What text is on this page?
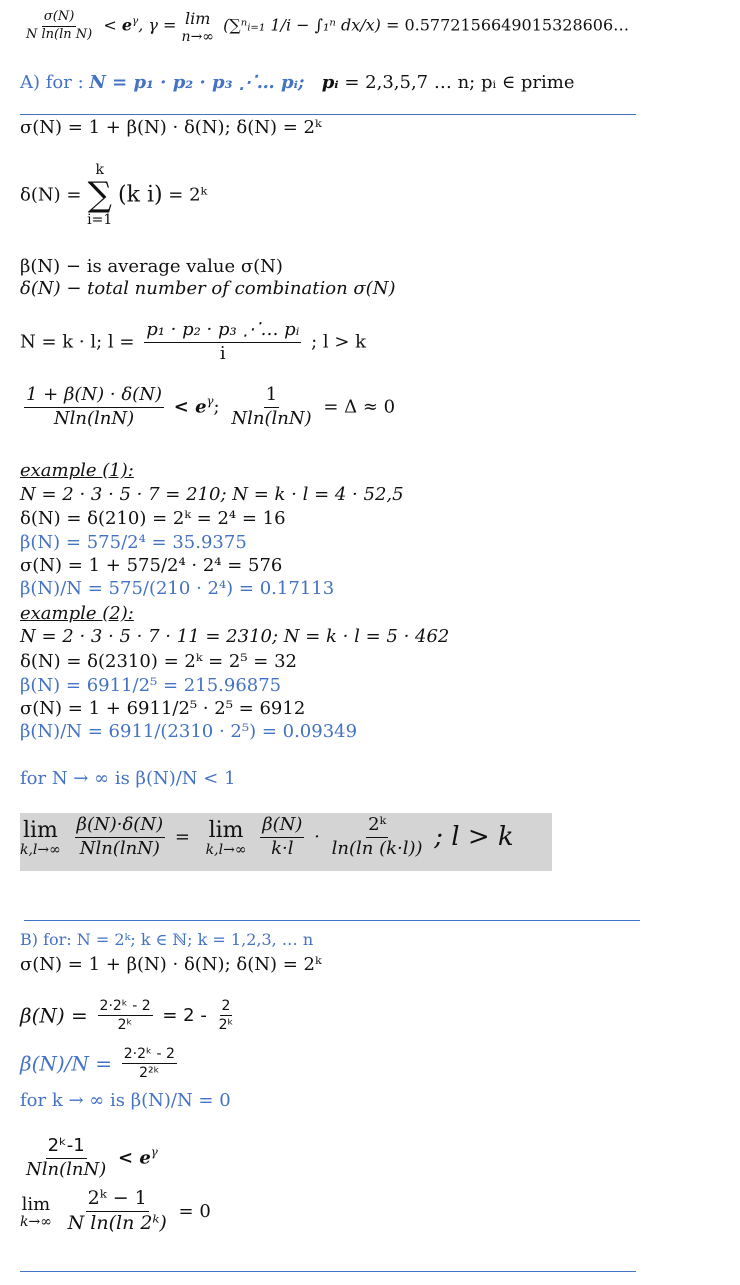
$\frac{\sigma(N)}{\text{N ln(ln N)}} < e^\gamma$, γ = lim
n→∞
(∑ⁿᵢ₌₁ 1/i − ∫₁ⁿ dx/x) = 0.5772156649015328606…
A) for : N = p₁ · p₂ · p₃ ⋰… pᵢ; pᵢ = 2,3,5,7 … n; pᵢ ∈ prime
σ(N) = 1 + β(N) · δ(N); δ(N) = 2ᵏ
δ(N) =
k
∑
i=1
(k i) = 2ᵏ
β(N) − is average value σ(N)
δ(N) − total number of combination σ(N)
N = k · l; $l = \frac{\text{p₁ · p₂ · p₃ ⋰… pᵢ}}{i}$ ; l > k
$\frac{1 + \beta(N) \cdot \delta(N)}{Nln(\ln N)} < e^\gamma$; $\frac{1}{Nln(\ln N)} = \Delta \approx 0$
example (1):
N = 2 · 3 · 5 · 7 = 210; N = k · l = 4 · 52,5
δ(N) = δ(210) = 2ᵏ = 2⁴ = 16
β(N) = 575/2⁴ = 35.9375
σ(N) = 1 + 575/2⁴ · 2⁴ = 576
β(N)/N = 575/(210 · 2⁴) = 0.17113
example (2):
N = 2 · 3 · 5 · 7 · 11 = 2310; N = k · l = 5 · 462
δ(N) = δ(2310) = 2ᵏ = 2⁵ = 32
β(N) = 6911/2⁵ = 215.96875
σ(N) = 1 + 6911/2⁵ · 2⁵ = 6912
β(N)/N = 6911/(2310 · 2⁵) = 0.09349
for N → ∞ is β(N)/N < 1
lim
k,l→∞
$\frac{\beta(N)\cdot\delta(N)}{Nln(\ln N)} = \lim$
k,l→∞
$\frac{\beta(N)}{k\cdot l} \cdot \frac{\text{2ᵏ}}{\ln(\ln (k\cdot l))}$ ; l > k
B) for: N = 2ᵏ; k ∈ ℕ; k = 1,2,3, … n
σ(N) = 1 + β(N) · δ(N); δ(N) = 2ᵏ
$\beta(N) = \frac{\text{2·2ᵏ - 2}}{\text{2ᵏ}} = 2 - \frac{2}{\text{2ᵏ}}$
$\beta(N)/N = \frac{\text{2·2ᵏ - 2}}{\text{2²ᵏ}}$
for k → ∞ is β(N)/N = 0
$\frac{\text{2ᵏ-1}}{Nln(\ln N)} < e^\gamma$
lim
k→∞
$\frac{\text{2ᵏ − 1}}{\text{N ln(ln 2ᵏ)}} = 0$
